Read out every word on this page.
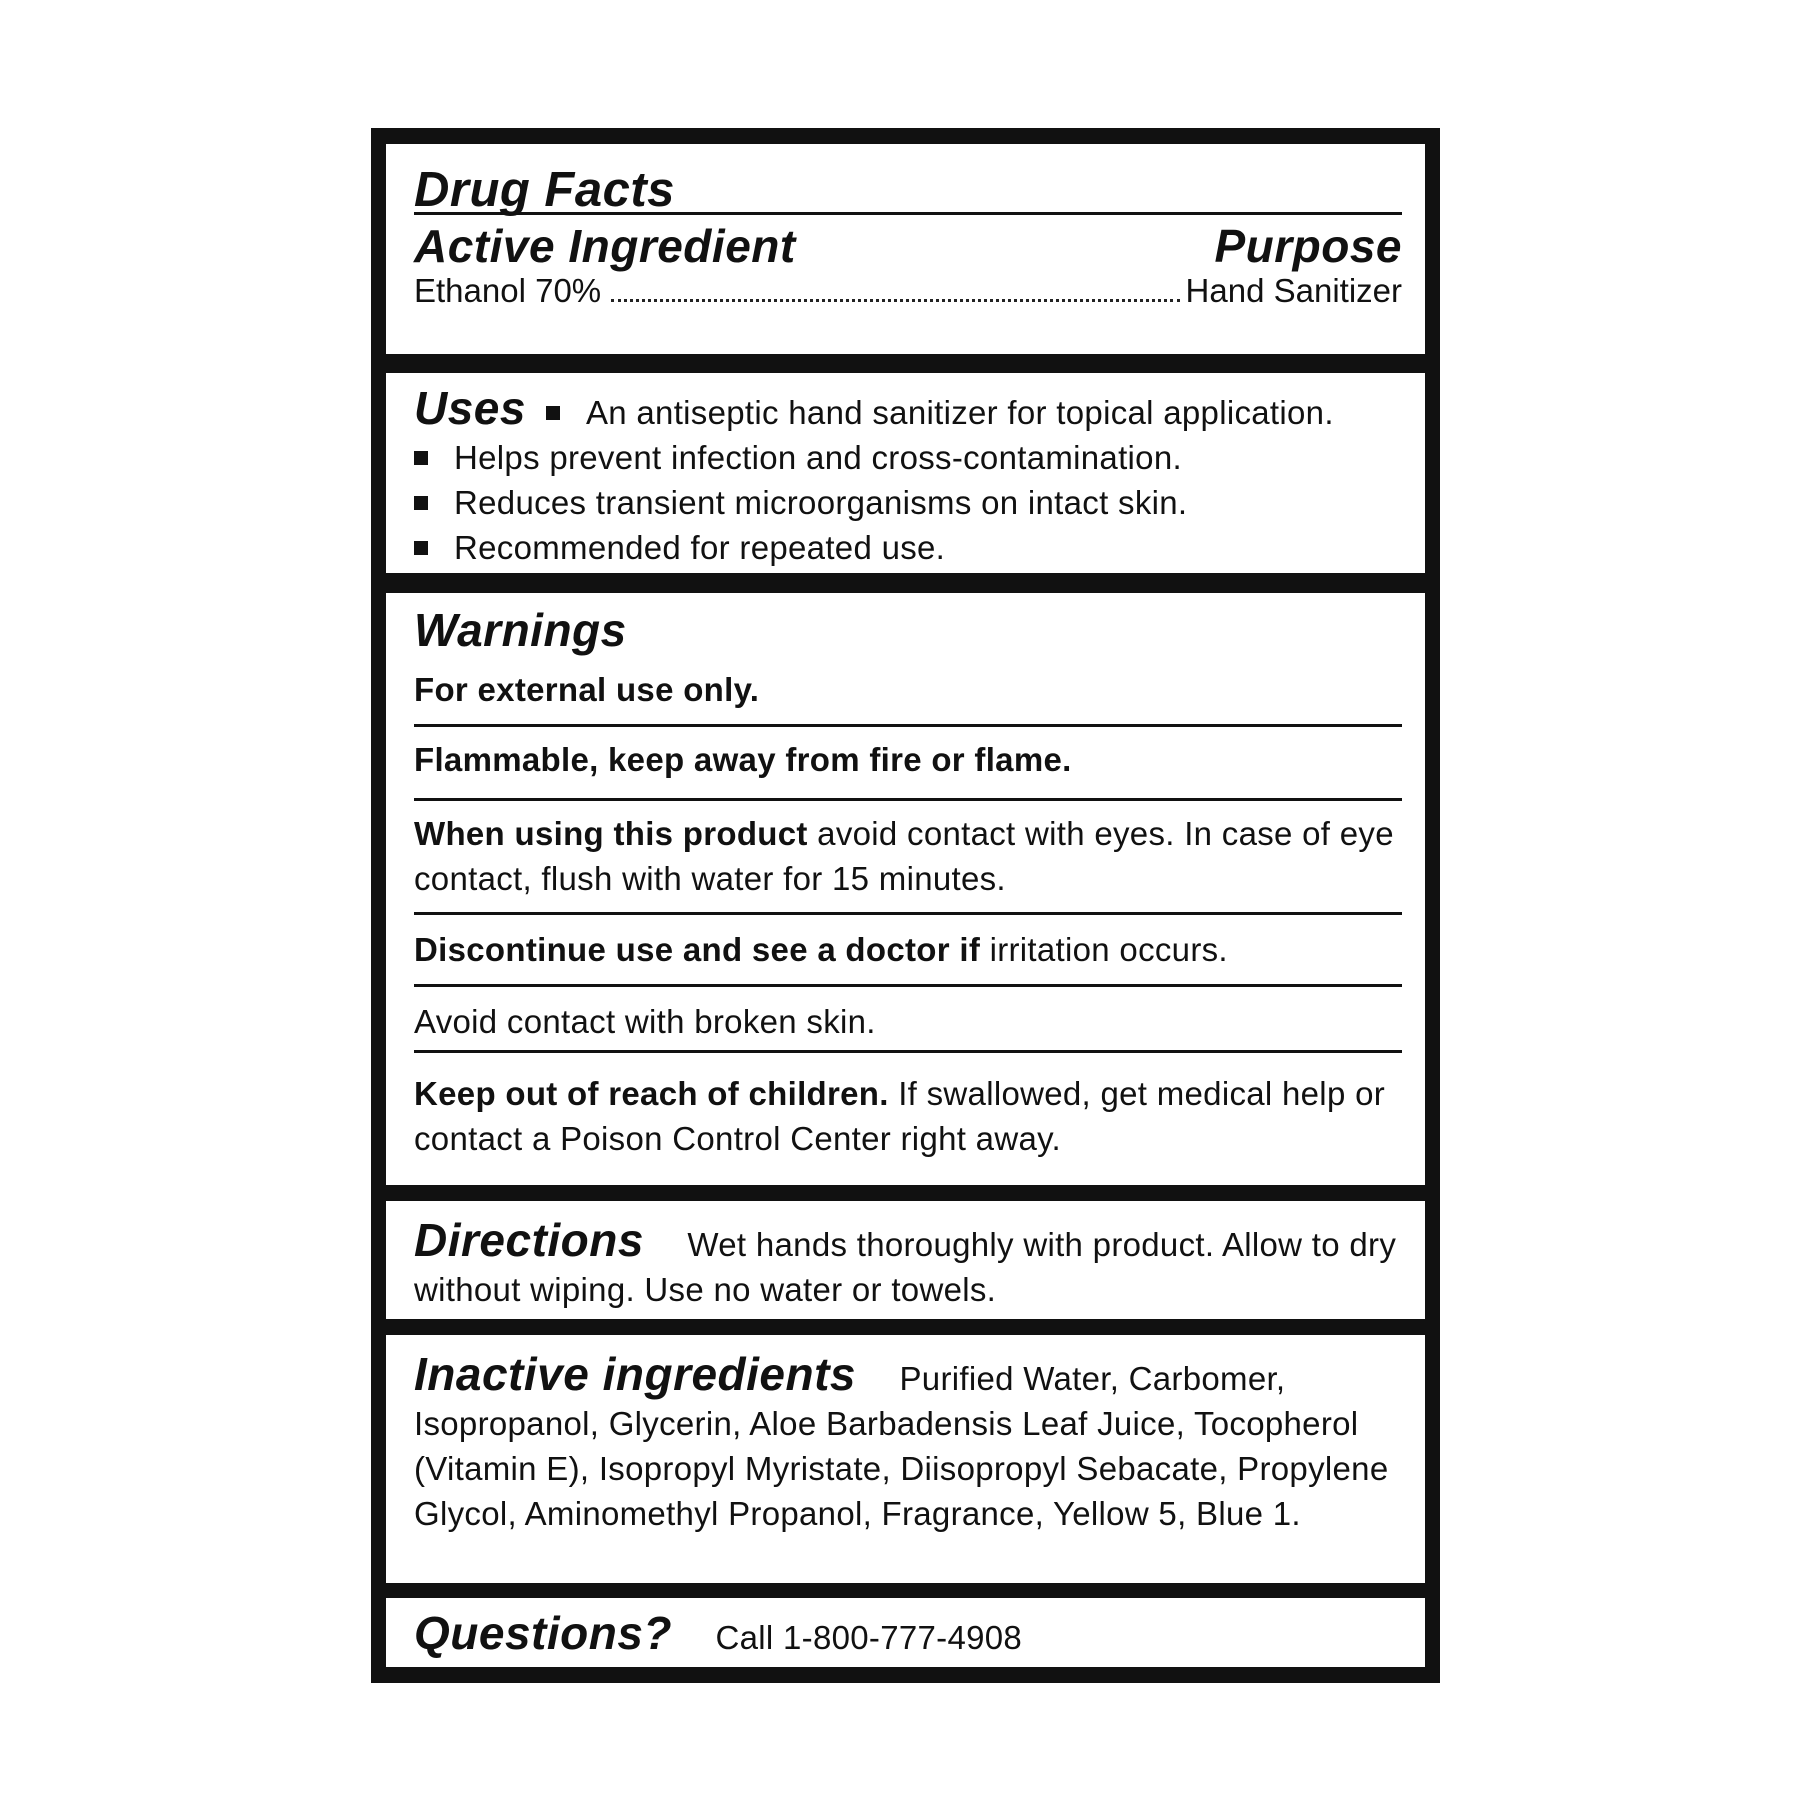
Drug Facts
Active Ingredient	Purpose
Ethanol 70%	Hand Sanitizer
Uses An antiseptic hand sanitizer for topical application.
Helps prevent infection and cross-contamination.
Reduces transient microorganisms on intact skin.
Recommended for repeated use.
Warnings
For external use only.
Flammable, keep away from fire or flame.
When using this product avoid contact with eyes. In case of eye contact, flush with water for 15 minutes.
Discontinue use and see a doctor if irritation occurs.
Avoid contact with broken skin.
Keep out of reach of children. If swallowed, get medical help or contact a Poison Control Center right away.
Directions Wet hands thoroughly with product. Allow to dry without wiping. Use no water or towels.
Inactive ingredients Purified Water, Carbomer, Isopropanol, Glycerin, Aloe Barbadensis Leaf Juice, Tocopherol (Vitamin E), Isopropyl Myristate, Diisopropyl Sebacate, Propylene Glycol, Aminomethyl Propanol, Fragrance, Yellow 5, Blue 1.
Questions? Call 1-800-777-4908
